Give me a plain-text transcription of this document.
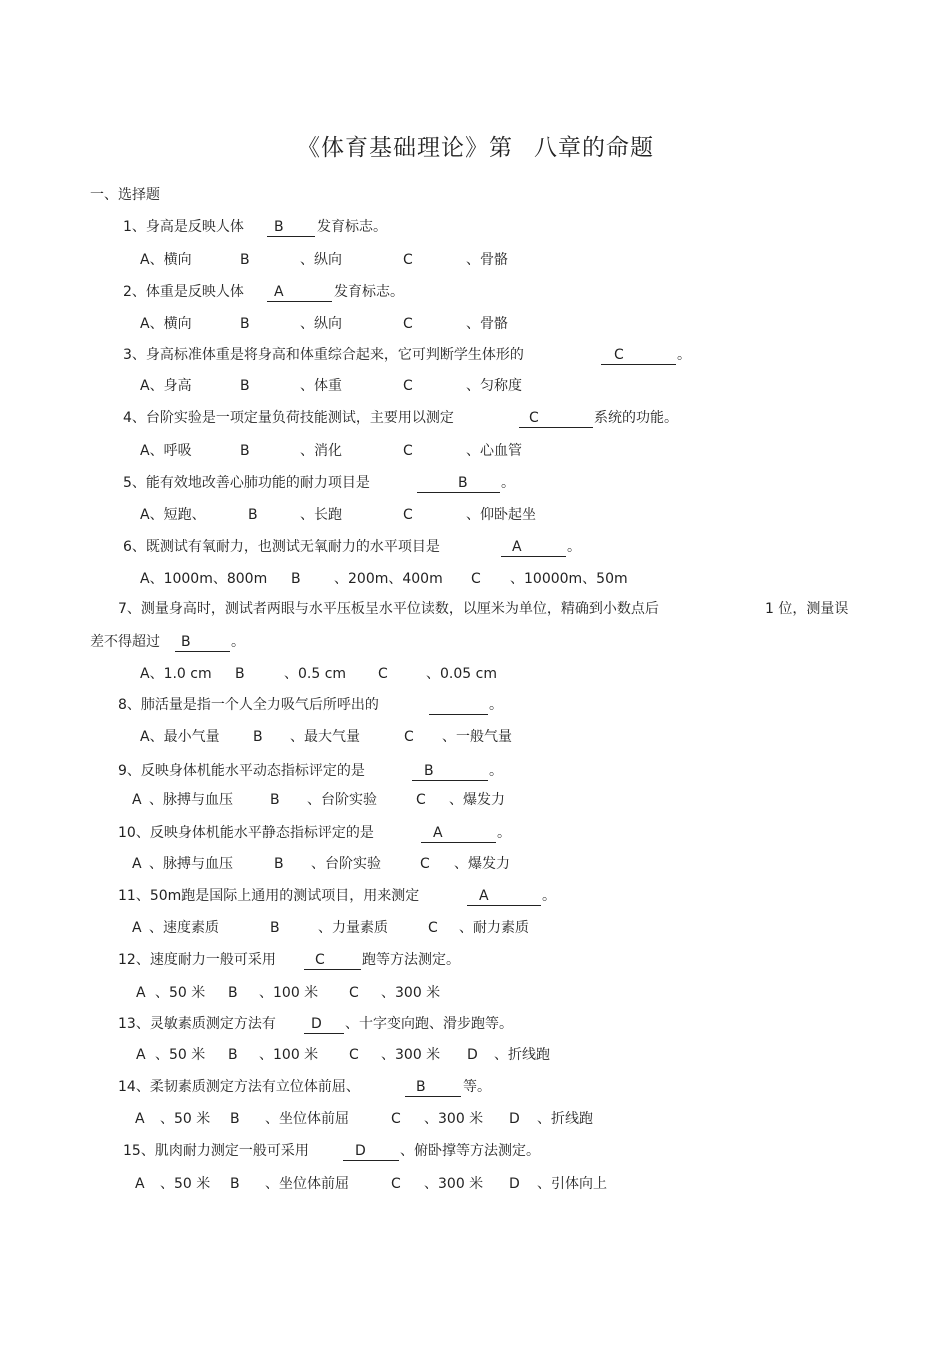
《体育基础理论》第 八章的命题
一、选择题
1、身高是反映人体 B 发育标志。
A、横向	B	、纵向	C	、骨骼
2、体重是反映人体 A	发育标志。
A、横向	B	、纵向	C	、骨骼
3、身高标准体重是将身高和体重综合起来，它可判断学生体形的	C	。
A、身高	B	、体重	C	、匀称度
4、台阶实验是一项定量负荷技能测试，主要用以测定	C	系统的功能。
A、呼吸	B	、消化	C	、心血管
5、能有效地改善心肺功能的耐力项目是	B 。
A、短跑、	B	、长跑	C	、仰卧起坐
6、既测试有氧耐力，也测试无氧耐力的水平项目是	A	。
A、1000m、800m B 、200m、400m C 、10000m、50m
7、测量身高时，测试者两眼与水平压板呈水平位读数，以厘米为单位，精确到小数点后	1 位，测量误
差不得超过 B	。
A、1.0 cm B	、0.5 cm C	、0.05 cm
8、肺活量是指一个人全力吸气后所呼出的	。
A、最小气量 B 、最大气量	C 、一般气量
9、反映身体机能水平动态指标评定的是	B	。
A 、脉搏与血压	B 、台阶实验	C 、爆发力
10、反映身体机能水平静态指标评定的是	A	。
A 、脉搏与血压	B 、台阶实验	C 、爆发力
11、50m跑是国际上通用的测试项目，用来测定	A	。
A 、速度素质	B	、力量素质	C 、耐力素质
12、速度耐力一般可采用	C	跑等方法测定。
A 、50 米 B 、100 米 C 、300 米
13、灵敏素质测定方法有	D 、十字变向跑、滑步跑等。
A 、50 米 B 、100 米 C 、300 米 D 、折线跑
14、柔韧素质测定方法有立位体前屈、	B	等。
A 、50 米 B 、坐位体前屈	C 、300 米 D 、折线跑
15、肌肉耐力测定一般可采用	D 、俯卧撑等方法测定。
A 、50 米 B 、坐位体前屈	C 、300 米 D 、引体向上
